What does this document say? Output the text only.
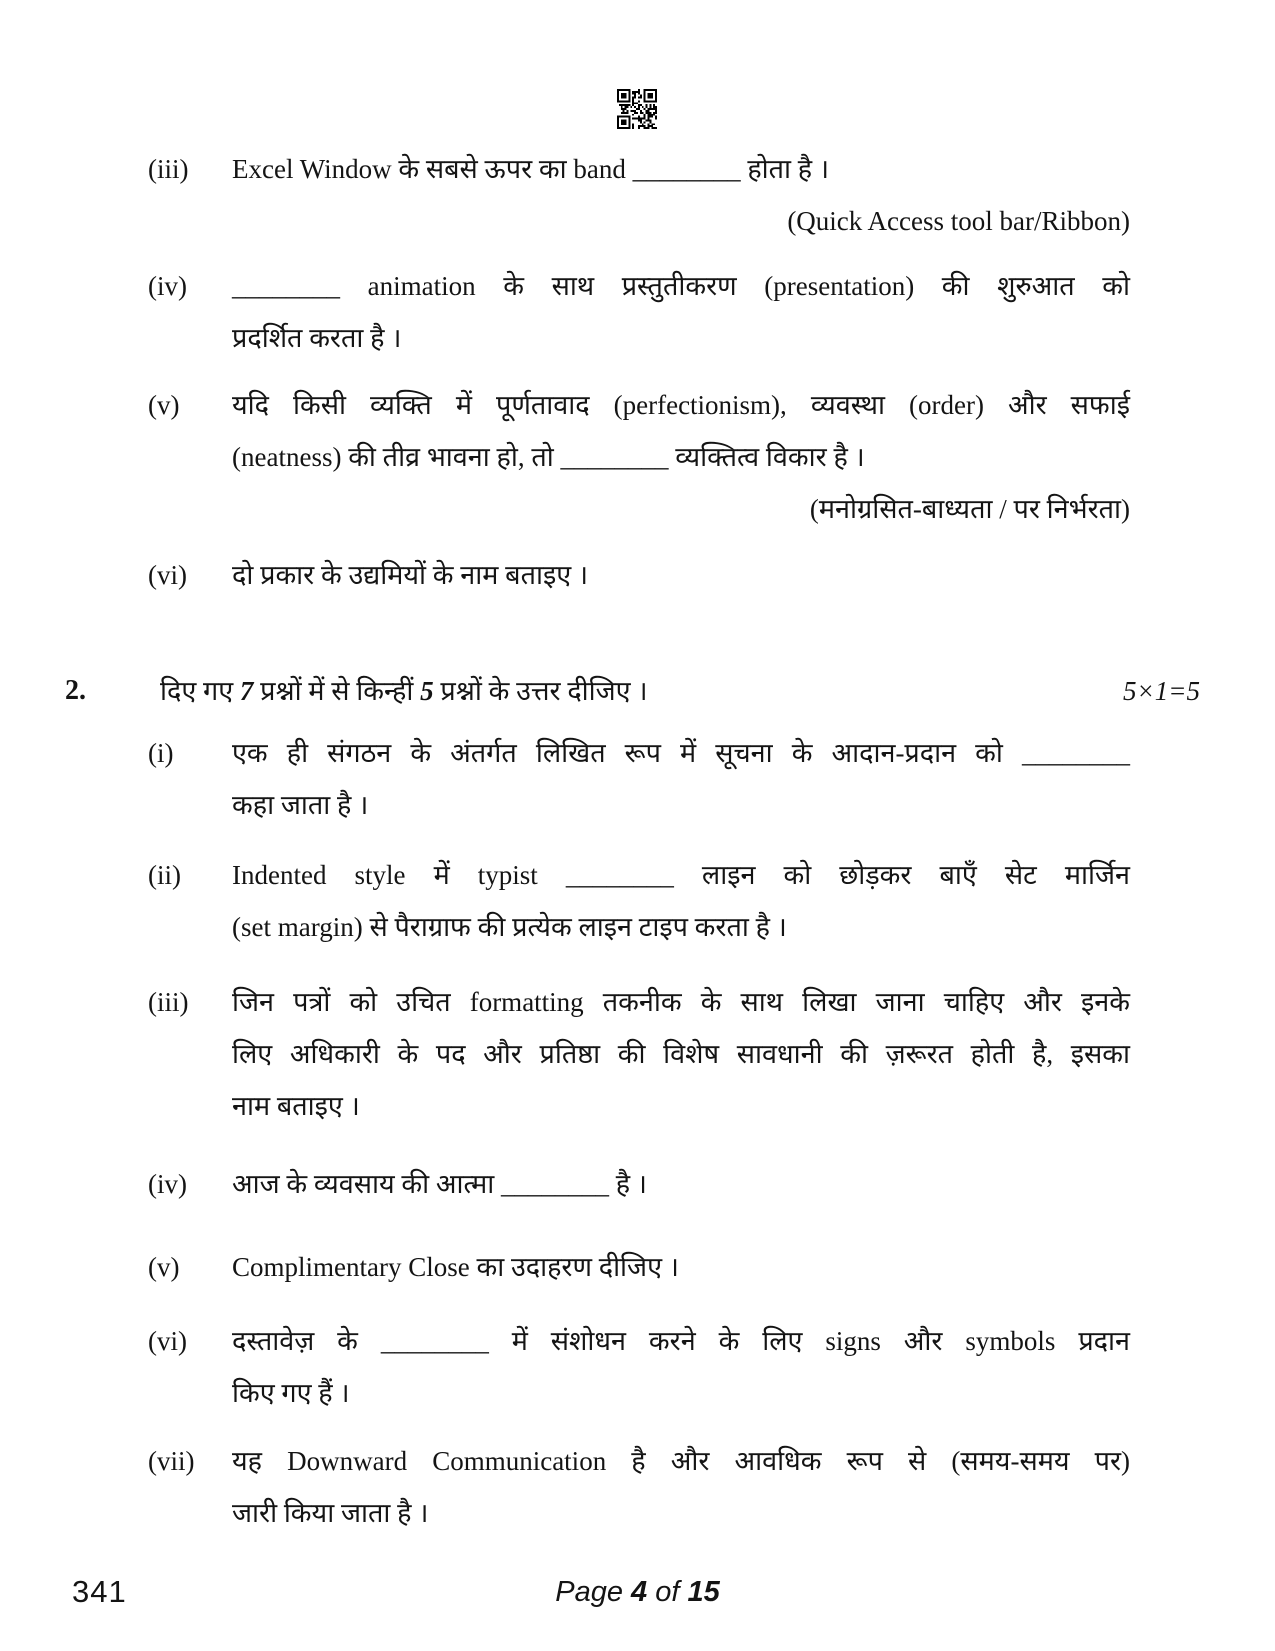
(iii)	Excel Window के सबसे ऊपर का band ________ होता है ।
(Quick Access tool bar/Ribbon)
(iv)	________ animation के साथ प्रस्तुतीकरण (presentation) की शुरुआत को
प्रदर्शित करता है ।
(v)	यदि किसी व्यक्ति में पूर्णतावाद (perfectionism), व्यवस्था (order) और सफाई
(neatness) की तीव्र भावना हो, तो ________ व्यक्तित्व विकार है ।
(मनोग्रसित-बाध्यता / पर निर्भरता)
(vi)	दो प्रकार के उद्यमियों के नाम बताइए ।
2.	दिए गए 7 प्रश्नों में से किन्हीं 5 प्रश्नों के उत्तर दीजिए ।	5×1=5
(i)	एक ही संगठन के अंतर्गत लिखित रूप में सूचना के आदान-प्रदान को ________
कहा जाता है ।
(ii)	Indented style में typist ________ लाइन को छोड़कर बाएँ सेट मार्जिन
(set margin) से पैराग्राफ की प्रत्येक लाइन टाइप करता है ।
(iii)	जिन पत्रों को उचित formatting तकनीक के साथ लिखा जाना चाहिए और इनके
लिए अधिकारी के पद और प्रतिष्ठा की विशेष सावधानी की ज़रूरत होती है, इसका
नाम बताइए ।
(iv)	आज के व्यवसाय की आत्मा ________ है ।
(v)	Complimentary Close का उदाहरण दीजिए ।
(vi)	दस्तावेज़ के ________ में संशोधन करने के लिए signs और symbols प्रदान
किए गए हैं ।
(vii)	यह Downward Communication है और आवधिक रूप से (समय-समय पर)
जारी किया जाता है ।
341	Page 4 of 15
